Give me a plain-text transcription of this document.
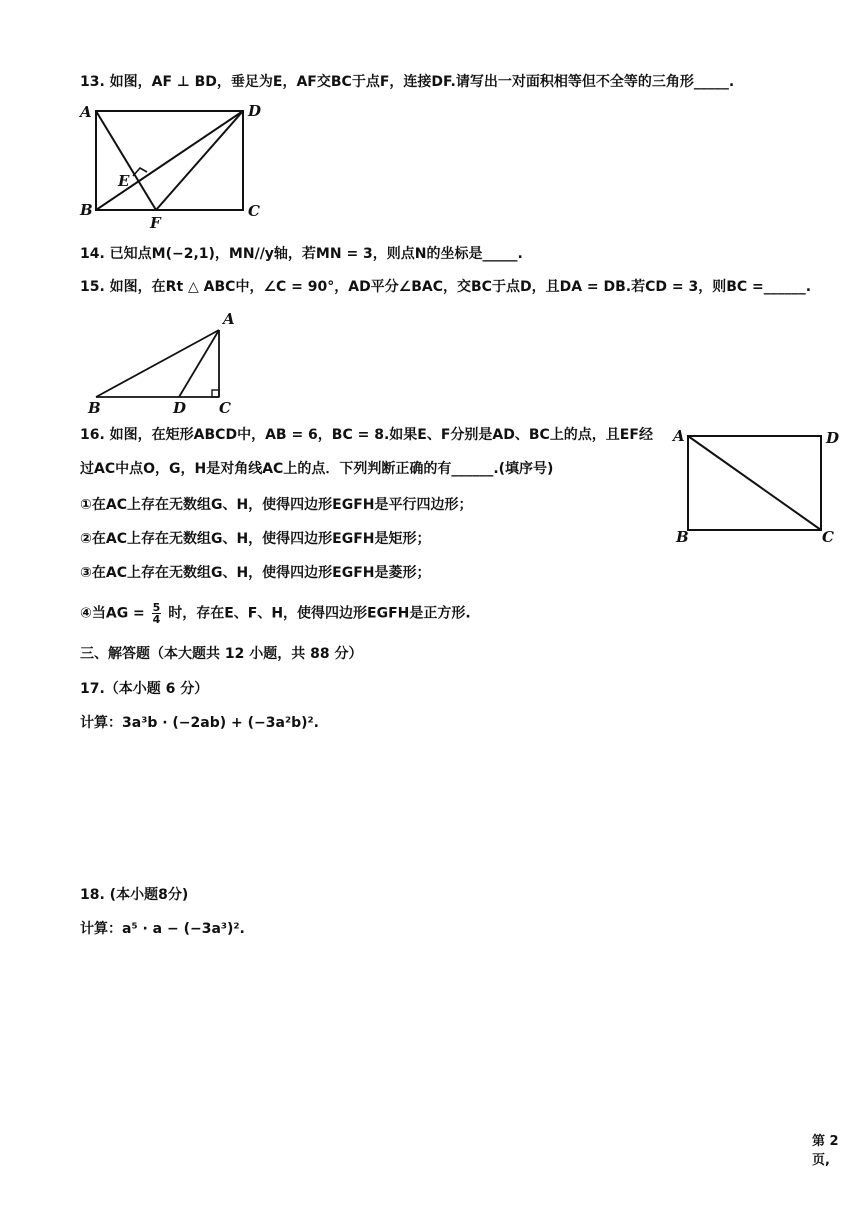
13. 如图，AF ⊥ BD，垂足为E，AF交BC于点F，连接DF.请写出一对面积相等但不全等的三角形_____.
A	D
B	C
E
F
14. 已知点M(−2,1)，MN//y轴，若MN = 3，则点N的坐标是_____.
15. 如图，在Rt △ ABC中，∠C = 90°，AD平分∠BAC，交BC于点D，且DA = DB.若CD = 3，则BC =______.
A
B	D C
16. 如图，在矩形ABCD中，AB = 6，BC = 8.如果E、F分别是AD、BC上的点，且EF经
过AC中点O，G，H是对角线AC上的点．下列判断正确的有______.(填序号)
①在AC上存在无数组G、H，使得四边形EGFH是平行四边形；
②在AC上存在无数组G、H，使得四边形EGFH是矩形；
③在AC上存在无数组G、H，使得四边形EGFH是菱形；
④当AG = $\frac{5}{4}$ 时，存在E、F、H，使得四边形EGFH是正方形.
A	D
B	C
三、解答题（本大题共 12 小题，共 88 分）
17.（本小题 6 分）
计算：3a³b · (−2ab) + (−3a²b)².
18. (本小题8分)
计算：a⁵ · a − (−3a³)².
第 2 页,
